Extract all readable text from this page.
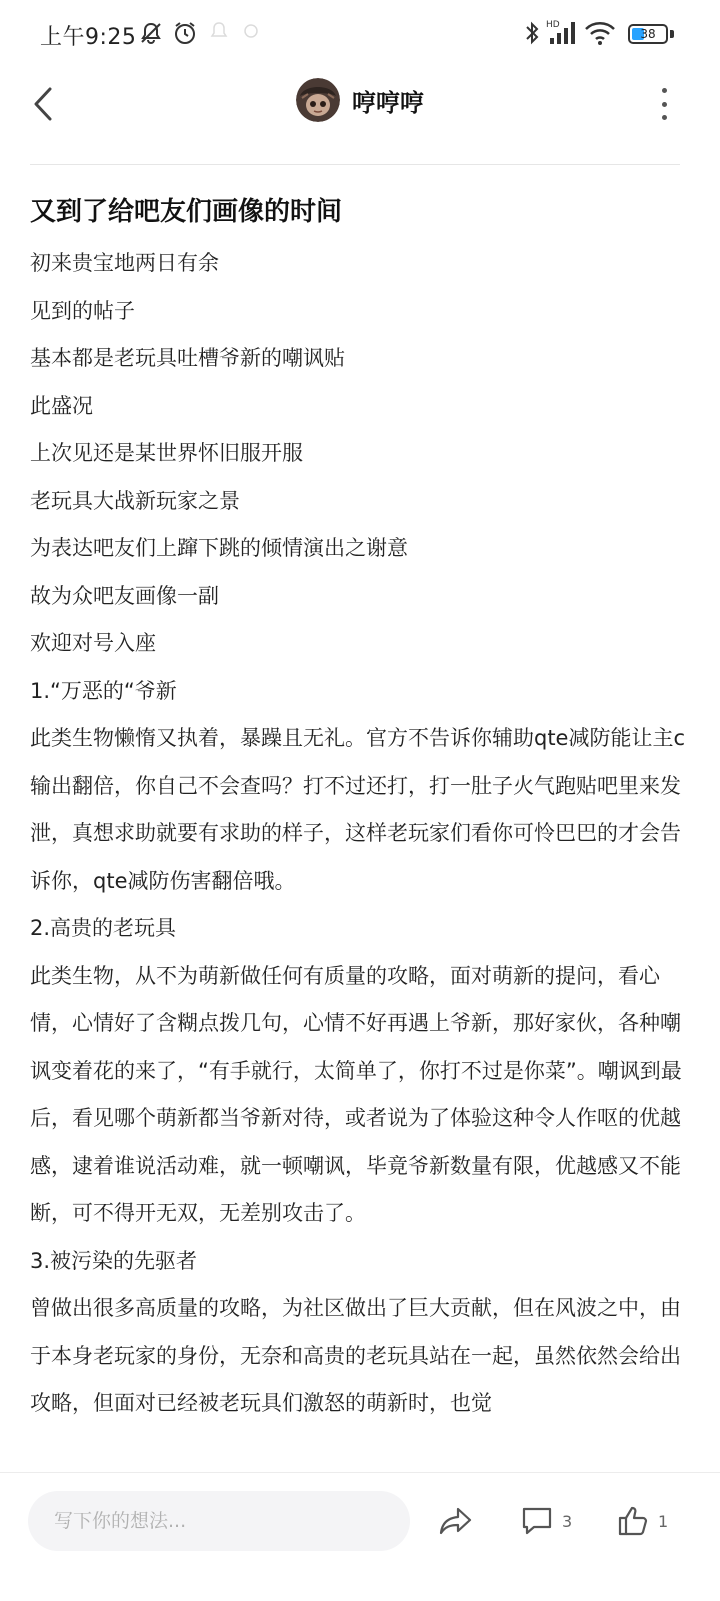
上午9:25	HD
38
哼哼哼
又到了给吧友们画像的时间

初来贵宝地两日有余

见到的帖子

基本都是老玩具吐槽爷新的嘲讽贴

此盛况

上次见还是某世界怀旧服开服

老玩具大战新玩家之景

为表达吧友们上蹿下跳的倾情演出之谢意

故为众吧友画像一副

欢迎对号入座

1.“万恶的“爷新

此类生物懒惰又执着，暴躁且无礼。官方不告诉你辅助qte减防能让主c输出翻倍，你自己不会查吗？打不过还打，打一肚子火气跑贴吧里来发泄，真想求助就要有求助的样子，这样老玩家们看你可怜巴巴的才会告诉你，qte减防伤害翻倍哦。

2.高贵的老玩具

此类生物，从不为萌新做任何有质量的攻略，面对萌新的提问，看心情，心情好了含糊点拨几句，心情不好再遇上爷新，那好家伙，各种嘲讽变着花的来了，“有手就行，太简单了，你打不过是你菜”。嘲讽到最后，看见哪个萌新都当爷新对待，或者说为了体验这种令人作呕的优越感，逮着谁说活动难，就一顿嘲讽，毕竟爷新数量有限，优越感又不能断，可不得开无双，无差别攻击了。

3.被污染的先驱者

曾做出很多高质量的攻略，为社区做出了巨大贡献，但在风波之中，由于本身老玩家的身份，无奈和高贵的老玩具站在一起，虽然依然会给出攻略，但面对已经被老玩具们激怒的萌新时，也觉

写下你的想法...
3	1
